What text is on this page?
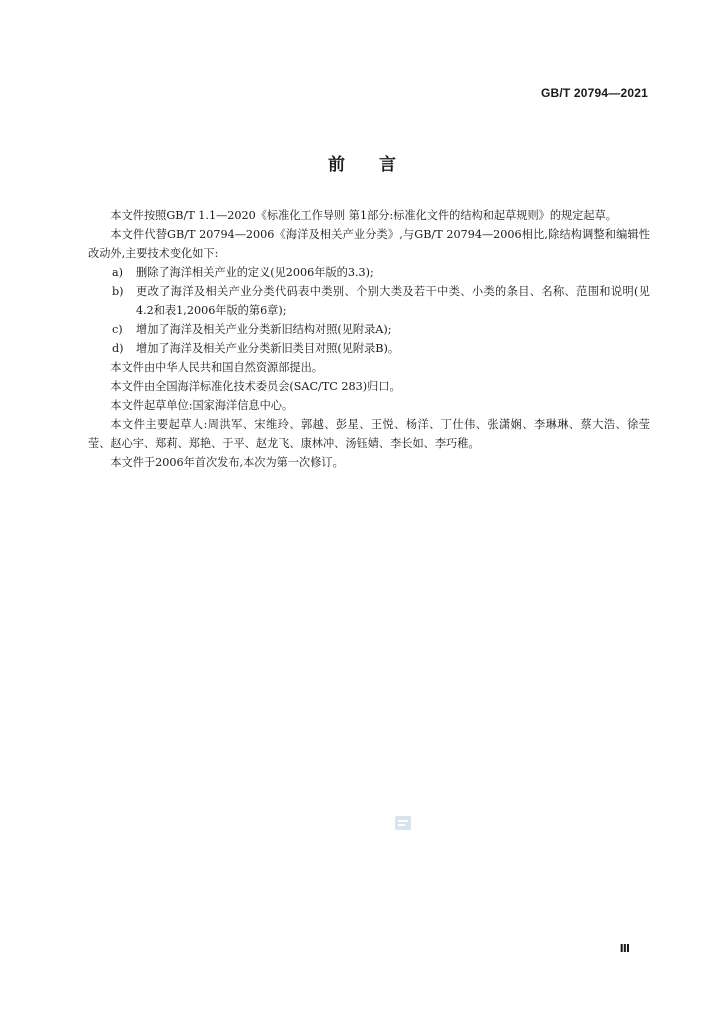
GB/T 20794—2021
前言

本文件按照GB/T 1.1—2020《标准化工作导则 第1部分:标准化文件的结构和起草规则》的规定起草。

本文件代替GB/T 20794—2006《海洋及相关产业分类》,与GB/T 20794—2006相比,除结构调整和编辑性改动外,主要技术变化如下:

a)	删除了海洋相关产业的定义(见2006年版的3.3);
b)	更改了海洋及相关产业分类代码表中类别、个别大类及若干中类、小类的条目、名称、范围和说明(见4.2和表1,2006年版的第6章);
c)	增加了海洋及相关产业分类新旧结构对照(见附录A);
d)	增加了海洋及相关产业分类新旧类目对照(见附录B)。

本文件由中华人民共和国自然资源部提出。

本文件由全国海洋标准化技术委员会(SAC/TC 283)归口。

本文件起草单位:国家海洋信息中心。

本文件主要起草人:周洪军、宋维玲、郭越、彭星、王悦、杨洋、丁仕伟、张潇娴、李琳琳、蔡大浩、徐莹莹、赵心宇、郑莉、郑艳、于平、赵龙飞、康林冲、汤钰婧、李长如、李巧稚。

本文件于2006年首次发布,本次为第一次修订。

Ⅲ
